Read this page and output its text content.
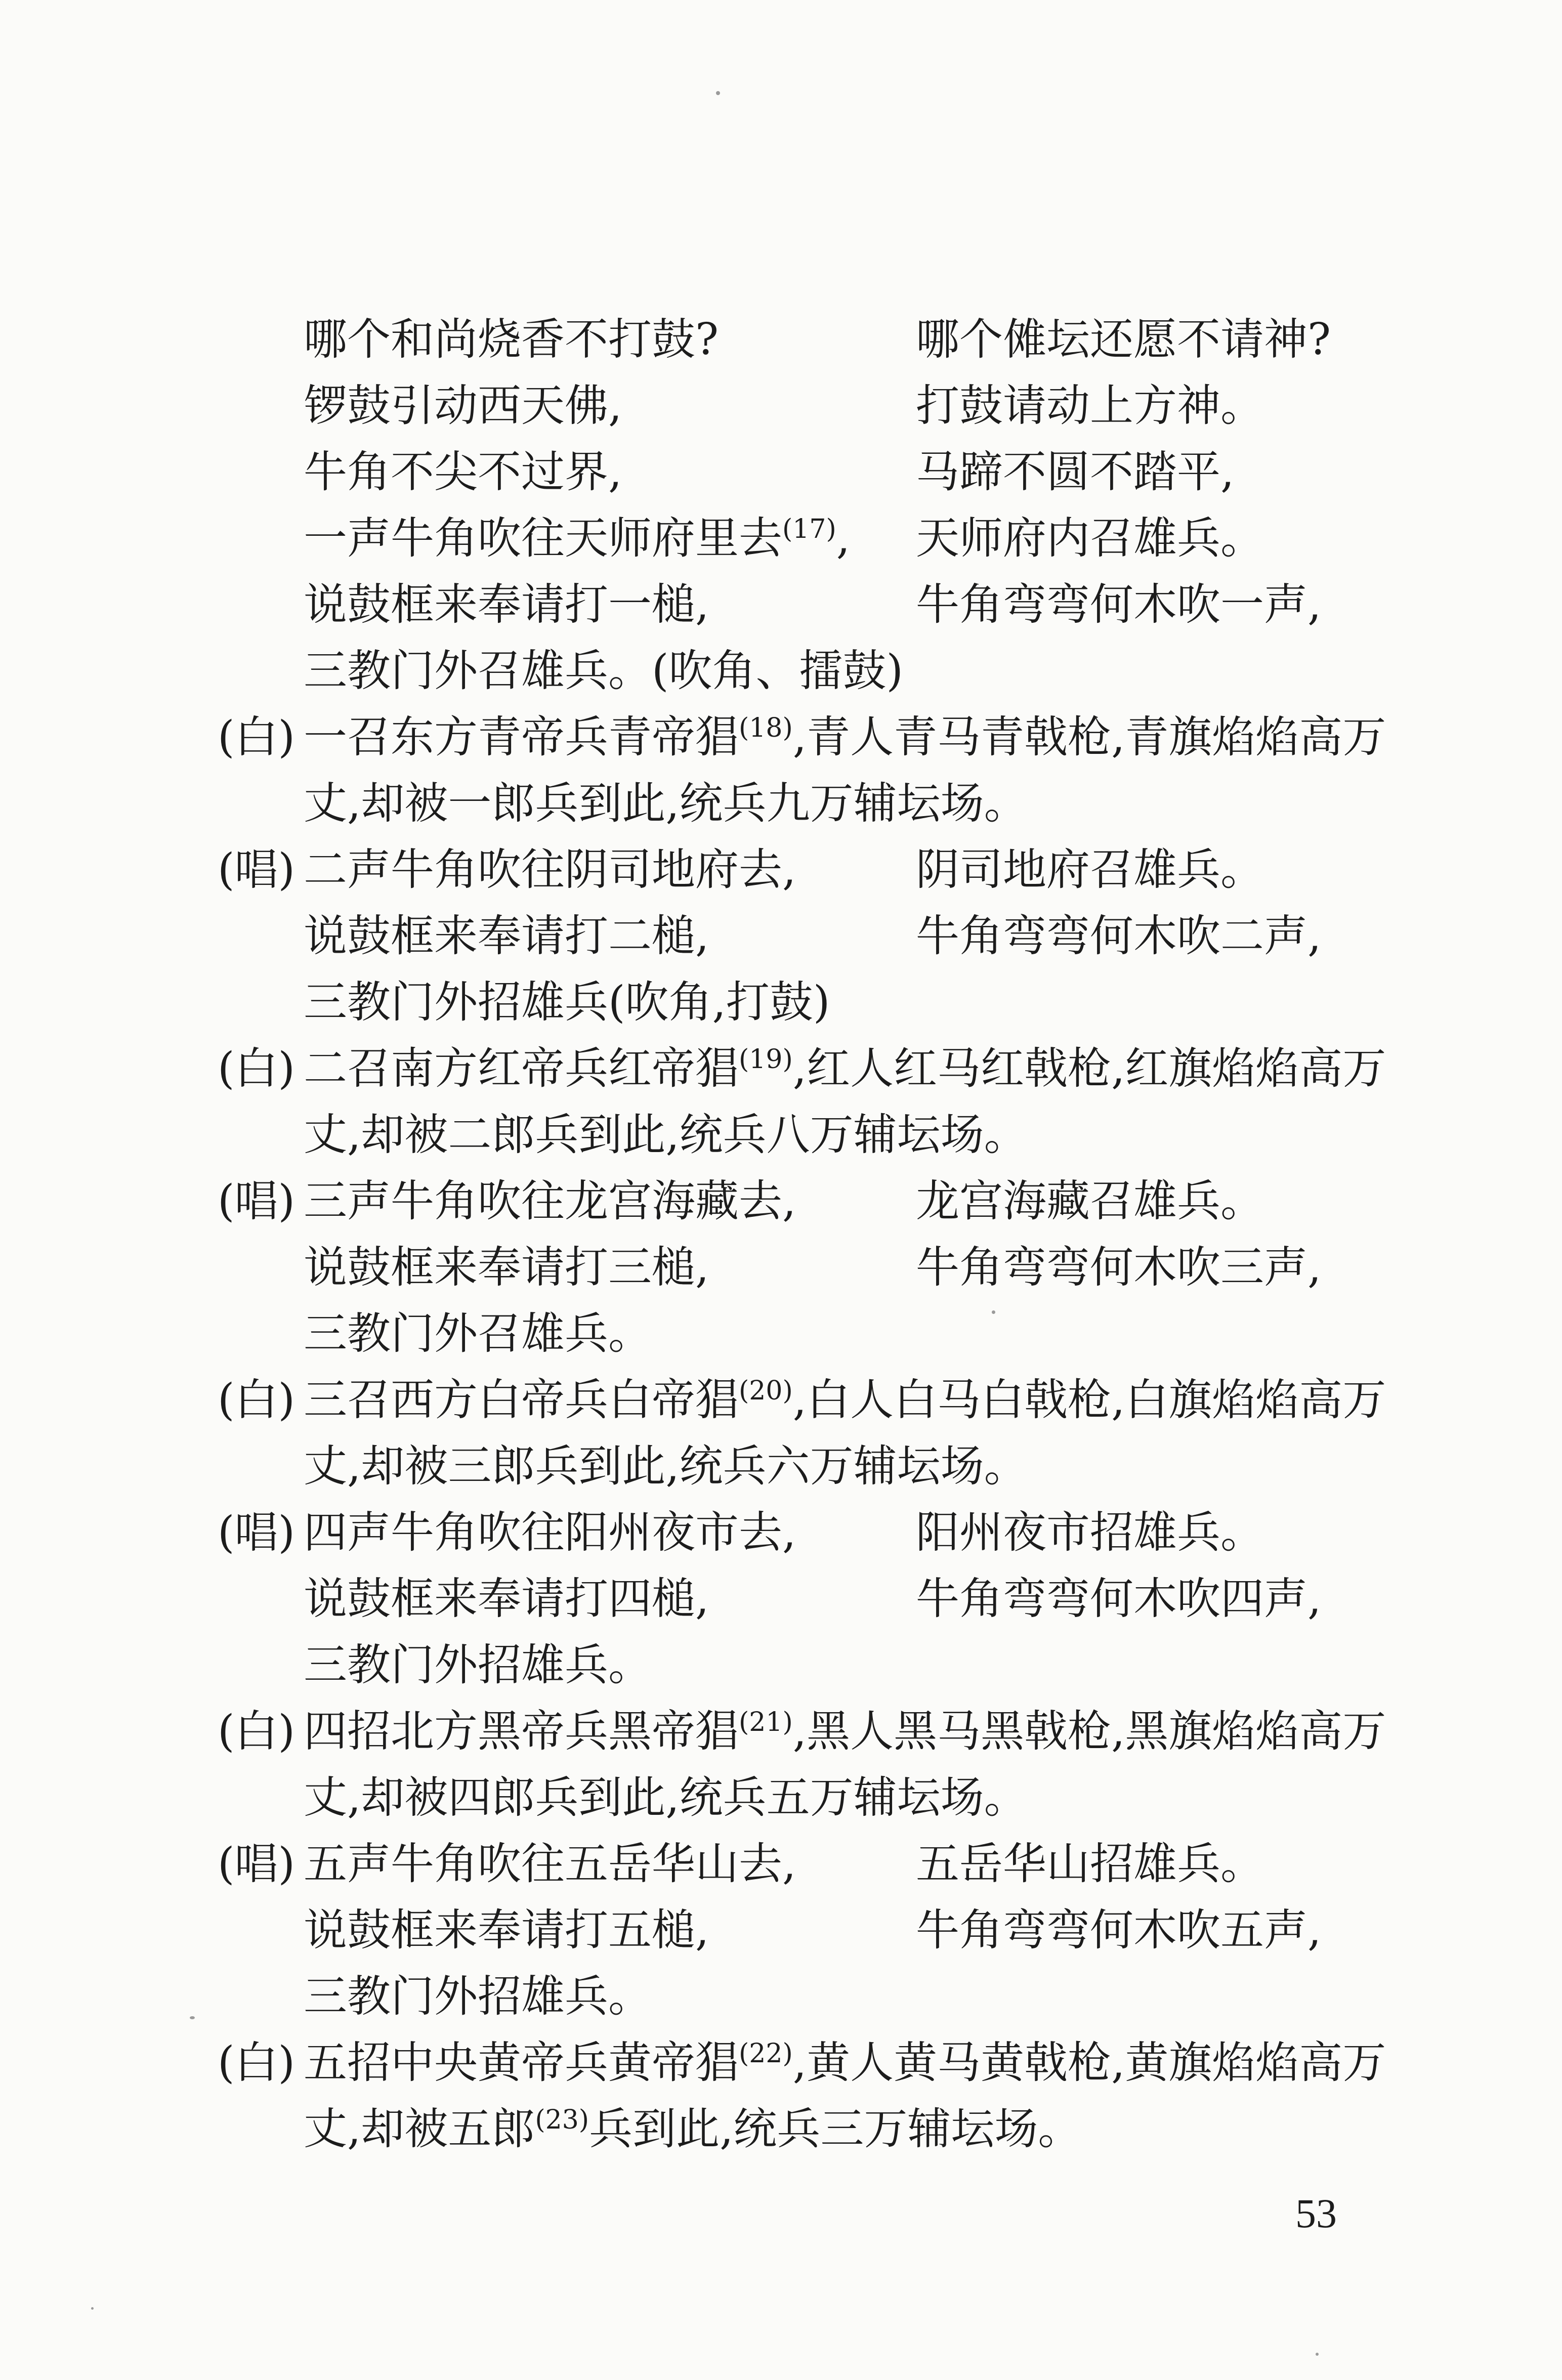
哪个和尚烧香不打鼓?	哪个傩坛还愿不请神?
锣鼓引动西天佛,	打鼓请动上方神。
牛角不尖不过界,	马蹄不圆不踏平,
一声牛角吹往天师府里去$^{(17)}$, 天师府内召雄兵。
说鼓框来奉请打一槌,	牛角弯弯何木吹一声,
三教门外召雄兵。(吹角、擂鼓)
(白) 一召东方青帝兵青帝猖$^{(18)}$,青人青马青戟枪,青旗焰焰高万
丈,却被一郎兵到此,统兵九万辅坛场。
(唱) 二声牛角吹往阴司地府去,	阴司地府召雄兵。
说鼓框来奉请打二槌,	牛角弯弯何木吹二声,
三教门外招雄兵(吹角,打鼓)
(白) 二召南方红帝兵红帝猖$^{(19)}$,红人红马红戟枪,红旗焰焰高万
丈,却被二郎兵到此,统兵八万辅坛场。
(唱) 三声牛角吹往龙宫海藏去,	龙宫海藏召雄兵。
说鼓框来奉请打三槌,	牛角弯弯何木吹三声,
三教门外召雄兵。
(白) 三召西方白帝兵白帝猖$^{(20)}$,白人白马白戟枪,白旗焰焰高万
丈,却被三郎兵到此,统兵六万辅坛场。
(唱) 四声牛角吹往阳州夜市去,	阳州夜市招雄兵。
说鼓框来奉请打四槌,	牛角弯弯何木吹四声,
三教门外招雄兵。
(白) 四招北方黑帝兵黑帝猖$^{(21)}$,黑人黑马黑戟枪,黑旗焰焰高万
丈,却被四郎兵到此,统兵五万辅坛场。
(唱) 五声牛角吹往五岳华山去,	五岳华山招雄兵。
说鼓框来奉请打五槌,	牛角弯弯何木吹五声,
三教门外招雄兵。
(白) 五招中央黄帝兵黄帝猖$^{(22)}$,黄人黄马黄戟枪,黄旗焰焰高万
丈,却被五郎$^{(23)}$兵到此,统兵三万辅坛场。
53
